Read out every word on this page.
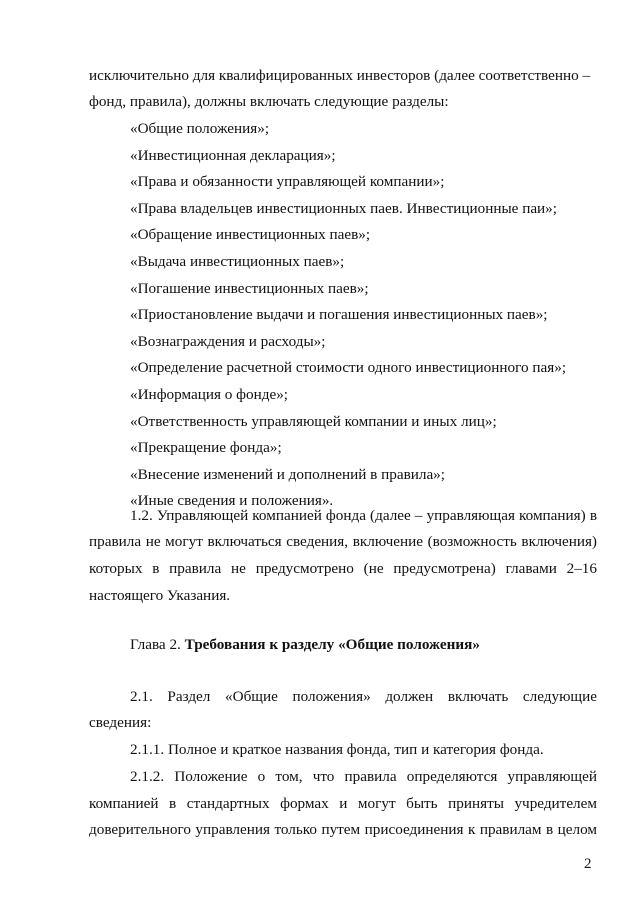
исключительно для квалифицированных инвесторов (далее соответственно –
фонд, правила), должны включать следующие разделы:
«Общие положения»;
«Инвестиционная декларация»;
«Права и обязанности управляющей компании»;
«Права владельцев инвестиционных паев. Инвестиционные паи»;
«Обращение инвестиционных паев»;
«Выдача инвестиционных паев»;
«Погашение инвестиционных паев»;
«Приостановление выдачи и погашения инвестиционных паев»;
«Вознаграждения и расходы»;
«Определение расчетной стоимости одного инвестиционного пая»;
«Информация о фонде»;
«Ответственность управляющей компании и иных лиц»;
«Прекращение фонда»;
«Внесение изменений и дополнений в правила»;
«Иные сведения и положения».
1.2. Управляющей компанией фонда (далее – управляющая компания) в
правила не могут включаться сведения, включение (возможность включения)
которых в правила не предусмотрено (не предусмотрена) главами 2–16
настоящего Указания.
Глава 2. Требования к разделу «Общие положения»
2.1. Раздел «Общие положения» должен включать следующие
сведения:
2.1.1. Полное и краткое названия фонда, тип и категория фонда.
2.1.2. Положение о том, что правила определяются управляющей
компанией в стандартных формах и могут быть приняты учредителем
доверительного управления только путем присоединения к правилам в целом
2
